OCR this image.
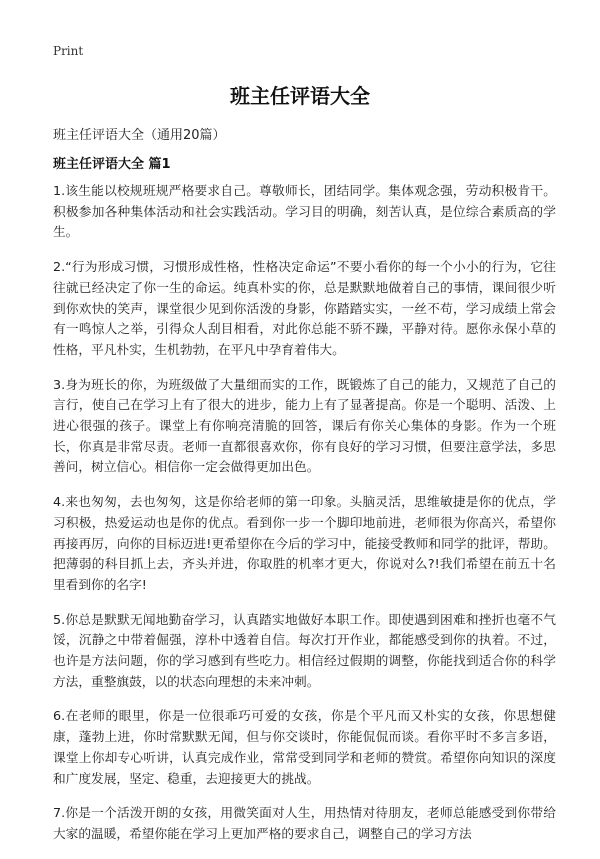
Print
班主任评语大全
班主任评语大全（通用20篇）
班主任评语大全 篇1

1.该生能以校规班规严格要求自己。尊敬师长，团结同学。集体观念强，劳动积极肯干。积极参加各种集体活动和社会实践活动。学习目的明确，刻苦认真，是位综合素质高的学生。

2.“行为形成习惯，习惯形成性格，性格决定命运”不要小看你的每一个小小的行为，它往往就已经决定了你一生的命运。纯真朴实的你，总是默默地做着自己的事情，课间很少听到你欢快的笑声，课堂很少见到你活泼的身影，你踏踏实实，一丝不苟，学习成绩上常会有一鸣惊人之举，引得众人刮目相看，对此你总能不骄不躁，平静对待。愿你永保小草的性格，平凡朴实，生机勃勃，在平凡中孕育着伟大。

3.身为班长的你，为班级做了大量细而实的工作，既锻炼了自己的能力，又规范了自己的言行，使自己在学习上有了很大的进步，能力上有了显著提高。你是一个聪明、活泼、上进心很强的孩子。课堂上有你响亮清脆的回答，课后有你关心集体的身影。作为一个班长，你真是非常尽责。老师一直都很喜欢你，你有良好的学习习惯，但要注意学法，多思善问，树立信心。相信你一定会做得更加出色。

4.来也匆匆，去也匆匆，这是你给老师的第一印象。头脑灵活，思维敏捷是你的优点，学习积极，热爱运动也是你的优点。看到你一步一个脚印地前进，老师很为你高兴，希望你再接再厉，向你的目标迈进!更希望你在今后的学习中，能接受教师和同学的批评，帮助。把薄弱的科目抓上去，齐头并进，你取胜的机率才更大，你说对么?!我们希望在前五十名里看到你的名字!

5.你总是默默无闻地勤奋学习，认真踏实地做好本职工作。即使遇到困难和挫折也毫不气馁，沉静之中带着倔强，淳朴中透着自信。每次打开作业，都能感受到你的执着。不过，也许是方法问题，你的学习感到有些吃力。相信经过假期的调整，你能找到适合你的科学方法，重整旗鼓，以的状态向理想的未来冲刺。

6.在老师的眼里，你是一位很乖巧可爱的女孩，你是个平凡而又朴实的女孩，你思想健康，蓬勃上进，你时常默默无闻，但与你交谈时，你能侃侃而谈。看你平时不多言多语，课堂上你却专心听讲，认真完成作业，常常受到同学和老师的赞赏。希望你向知识的深度和广度发展，坚定、稳重，去迎接更大的挑战。

7.你是一个活泼开朗的女孩，用微笑面对人生，用热情对待朋友，老师总能感受到你带给大家的温暖，希望你能在学习上更加严格的要求自己，调整自己的学习方法
